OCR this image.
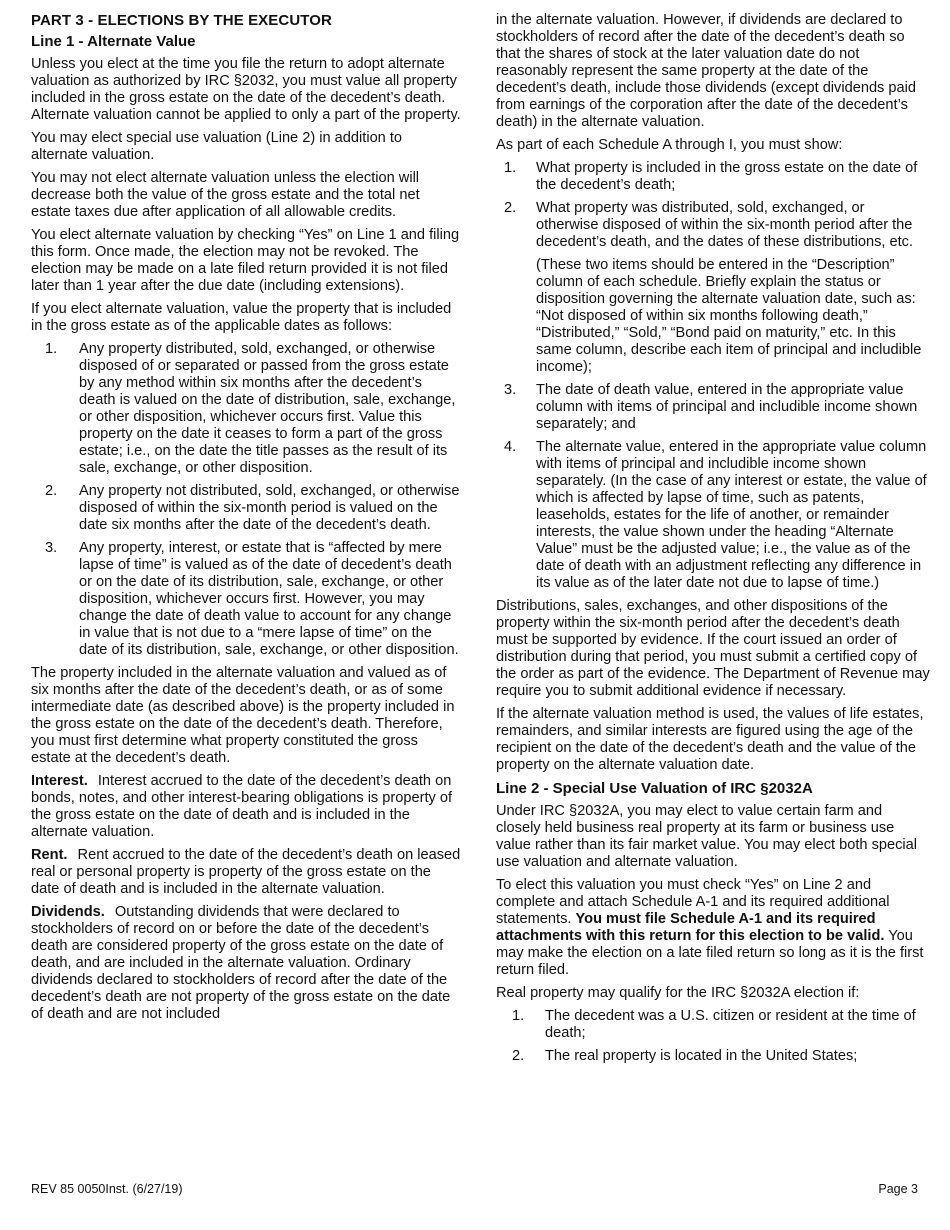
PART 3 - ELECTIONS BY THE EXECUTOR
Line 1 - Alternate Value

Unless you elect at the time you file the return to adopt alternate valuation as authorized by IRC §2032, you must value all property included in the gross estate on the date of the decedent’s death. Alternate valuation cannot be applied to only a part of the property.

You may elect special use valuation (Line 2) in addition to alternate valuation.

You may not elect alternate valuation unless the election will decrease both the value of the gross estate and the total net estate taxes due after application of all allowable credits.

You elect alternate valuation by checking “Yes” on Line 1 and filing this form. Once made, the election may not be revoked. The election may be made on a late filed return provided it is not filed later than 1 year after the due date (including extensions).

If you elect alternate valuation, value the property that is included in the gross estate as of the applicable dates as follows:

1. Any property distributed, sold, exchanged, or otherwise disposed of or separated or passed from the gross estate by any method within six months after the decedent’s death is valued on the date of distribution, sale, exchange, or other disposition, whichever occurs first. Value this property on the date it ceases to form a part of the gross estate; i.e., on the date the title passes as the result of its sale, exchange, or other disposition.
2. Any property not distributed, sold, exchanged, or otherwise disposed of within the six-month period is valued on the date six months after the date of the decedent’s death.
3. Any property, interest, or estate that is “affected by mere lapse of time” is valued as of the date of decedent’s death or on the date of its distribution, sale, exchange, or other disposition, whichever occurs first. However, you may change the date of death value to account for any change in value that is not due to a “mere lapse of time” on the date of its distribution, sale, exchange, or other disposition.

The property included in the alternate valuation and valued as of six months after the date of the decedent’s death, or as of some intermediate date (as described above) is the property included in the gross estate on the date of the decedent’s death. Therefore, you must first determine what property constituted the gross estate at the decedent’s death.

Interest. Interest accrued to the date of the decedent’s death on bonds, notes, and other interest-bearing obligations is property of the gross estate on the date of death and is included in the alternate valuation.

Rent. Rent accrued to the date of the decedent’s death on leased real or personal property is property of the gross estate on the date of death and is included in the alternate valuation.

Dividends. Outstanding dividends that were declared to stockholders of record on or before the date of the decedent’s death are considered property of the gross estate on the date of death, and are included in the alternate valuation. Ordinary dividends declared to stockholders of record after the date of the decedent’s death are not property of the gross estate on the date of death and are not included

in the alternate valuation. However, if dividends are declared to stockholders of record after the date of the decedent’s death so that the shares of stock at the later valuation date do not reasonably represent the same property at the date of the decedent’s death, include those dividends (except dividends paid from earnings of the corporation after the date of the decedent’s death) in the alternate valuation.

As part of each Schedule A through I, you must show:

1. What property is included in the gross estate on the date of the decedent’s death;
2. What property was distributed, sold, exchanged, or otherwise disposed of within the six-month period after the decedent’s death, and the dates of these distributions, etc.

(These two items should be entered in the “Description” column of each schedule. Briefly explain the status or disposition governing the alternate valuation date, such as: “Not disposed of within six months following death,” “Distributed,” “Sold,” “Bond paid on maturity,” etc. In this same column, describe each item of principal and includible income);

3. The date of death value, entered in the appropriate value column with items of principal and includible income shown separately; and
4. The alternate value, entered in the appropriate value column with items of principal and includible income shown separately. (In the case of any interest or estate, the value of which is affected by lapse of time, such as patents, leaseholds, estates for the life of another, or remainder interests, the value shown under the heading “Alternate Value” must be the adjusted value; i.e., the value as of the date of death with an adjustment reflecting any difference in its value as of the later date not due to lapse of time.)

Distributions, sales, exchanges, and other dispositions of the property within the six-month period after the decedent’s death must be supported by evidence. If the court issued an order of distribution during that period, you must submit a certified copy of the order as part of the evidence. The Department of Revenue may require you to submit additional evidence if necessary.

If the alternate valuation method is used, the values of life estates, remainders, and similar interests are figured using the age of the recipient on the date of the decedent’s death and the value of the property on the alternate valuation date.

Line 2 - Special Use Valuation of IRC §2032A

Under IRC §2032A, you may elect to value certain farm and closely held business real property at its farm or business use value rather than its fair market value. You may elect both special use valuation and alternate valuation.

To elect this valuation you must check “Yes” on Line 2 and complete and attach Schedule A-1 and its required additional statements. You must file Schedule A-1 and its required attachments with this return for this election to be valid. You may make the election on a late filed return so long as it is the first return filed.

Real property may qualify for the IRC §2032A election if:

1. The decedent was a U.S. citizen or resident at the time of death;
2. The real property is located in the United States;
REV 85 0050Inst. (6/27/19)	Page 3
